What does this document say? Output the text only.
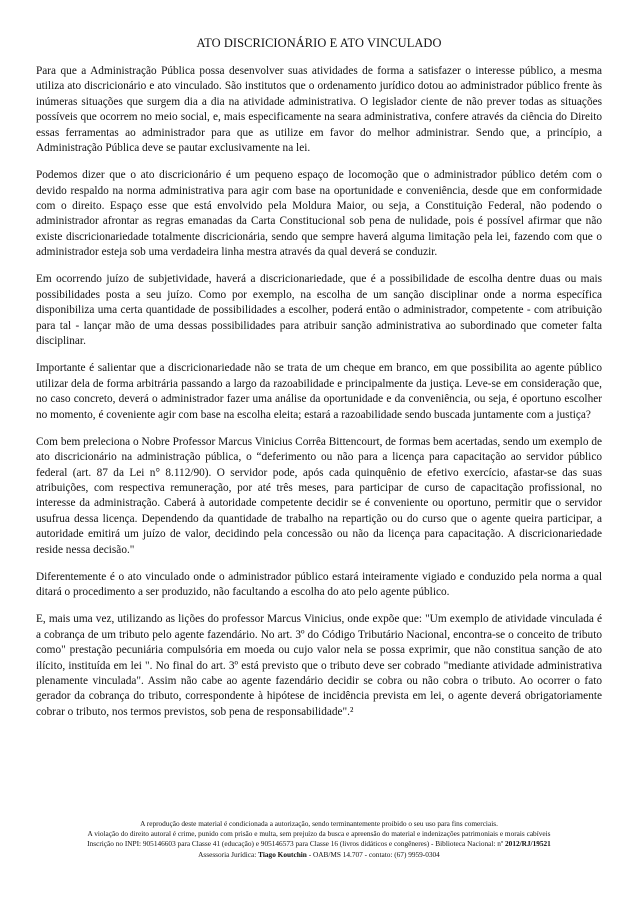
ATO DISCRICIONÁRIO E ATO VINCULADO

Para que a Administração Pública possa desenvolver suas atividades de forma a satisfazer o interesse público, a mesma utiliza ato discricionário e ato vinculado. São institutos que o ordenamento jurídico dotou ao administrador público frente às inúmeras situações que surgem dia a dia na atividade administrativa. O legislador ciente de não prever todas as situações possíveis que ocorrem no meio social, e, mais especificamente na seara administrativa, confere através da ciência do Direito essas ferramentas ao administrador para que as utilize em favor do melhor administrar. Sendo que, a princípio, a Administração Pública deve se pautar exclusivamente na lei.

Podemos dizer que o ato discricionário é um pequeno espaço de locomoção que o administrador público detém com o devido respaldo na norma administrativa para agir com base na oportunidade e conveniência, desde que em conformidade com o direito. Espaço esse que está envolvido pela Moldura Maior, ou seja, a Constituição Federal, não podendo o administrador afrontar as regras emanadas da Carta Constitucional sob pena de nulidade, pois é possível afirmar que não existe discricionariedade totalmente discricionária, sendo que sempre haverá alguma limitação pela lei, fazendo com que o administrador esteja sob uma verdadeira linha mestra através da qual deverá se conduzir.

Em ocorrendo juízo de subjetividade, haverá a discricionariedade, que é a possibilidade de escolha dentre duas ou mais possibilidades posta a seu juízo. Como por exemplo, na escolha de um sanção disciplinar onde a norma específica disponibiliza uma certa quantidade de possibilidades a escolher, poderá então o administrador, competente - com atribuição para tal - lançar mão de uma dessas possibilidades para atribuir sanção administrativa ao subordinado que cometer falta disciplinar.

Importante é salientar que a discricionariedade não se trata de um cheque em branco, em que possibilita ao agente público utilizar dela de forma arbitrária passando a largo da razoabilidade e principalmente da justiça. Leve-se em consideração que, no caso concreto, deverá o administrador fazer uma análise da oportunidade e da conveniência, ou seja, é oportuno escolher no momento, é coveniente agir com base na escolha eleita; estará a razoabilidade sendo buscada juntamente com a justiça?

Com bem preleciona o Nobre Professor Marcus Vinicius Corrêa Bittencourt, de formas bem acertadas, sendo um exemplo de ato discricionário na administração pública, o “deferimento ou não para a licença para capacitação ao servidor público federal (art. 87 da Lei n° 8.112/90). O servidor pode, após cada quinquênio de efetivo exercício, afastar-se das suas atribuições, com respectiva remuneração, por até três meses, para participar de curso de capacitação profissional, no interesse da administração. Caberá à autoridade competente decidir se é conveniente ou oportuno, permitir que o servidor usufrua dessa licença. Dependendo da quantidade de trabalho na repartição ou do curso que o agente queira participar, a autoridade emitirá um juízo de valor, decidindo pela concessão ou não da licença para capacitação. A discricionariedade reside nessa decisão."

Diferentemente é o ato vinculado onde o administrador público estará inteiramente vigiado e conduzido pela norma a qual ditará o procedimento a ser produzido, não facultando a escolha do ato pelo agente público.

E, mais uma vez, utilizando as lições do professor Marcus Vinicius, onde expõe que: "Um exemplo de atividade vinculada é a cobrança de um tributo pelo agente fazendário. No art. 3º do Código Tributário Nacional, encontra-se o conceito de tributo como" prestação pecuniária compulsória em moeda ou cujo valor nela se possa exprimir, que não constitua sanção de ato ilícito, instituída em lei ". No final do art. 3º está previsto que o tributo deve ser cobrado "mediante atividade administrativa plenamente vinculada". Assim não cabe ao agente fazendário decidir se cobra ou não cobra o tributo. Ao ocorrer o fato gerador da cobrança do tributo, correspondente à hipótese de incidência prevista em lei, o agente deverá obrigatoriamente cobrar o tributo, nos termos previstos, sob pena de responsabilidade".²

A reprodução deste material é condicionada a autorização, sendo terminantemente proibido o seu uso para fins comerciais.
A violação do direito autoral é crime, punido com prisão e multa, sem prejuízo da busca e apreensão do material e indenizações patrimoniais e morais cabíveis
Inscrição no INPI: 905146603 para Classe 41 (educação) e 905146573 para Classe 16 (livros didáticos e congêneres) - Biblioteca Nacional: nº 2012/RJ/19521
Assessoria Jurídica: Tiago Koutchin - OAB/MS 14.707 - contato: (67) 9959-0304
